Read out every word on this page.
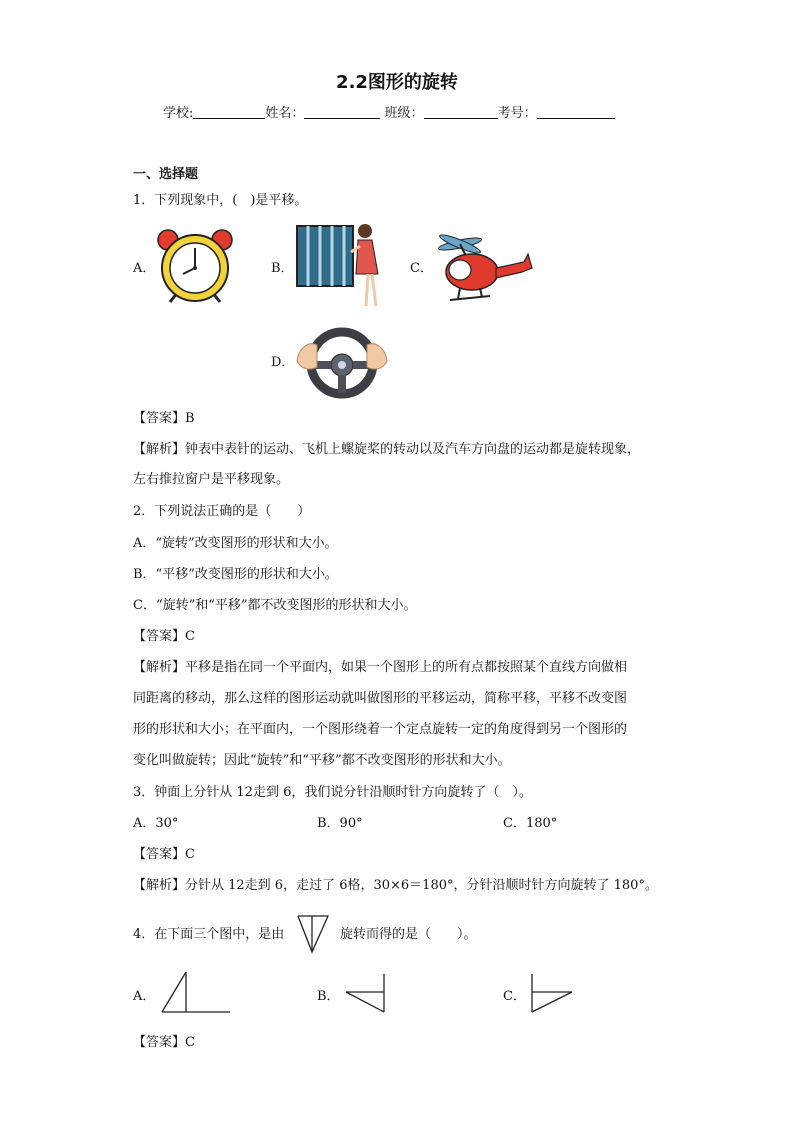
2.2图形的旋转
学校:	姓名：	班级：	考号：
一、选择题
1．下列现象中，(　)是平移。
A．	B．	C．
D．
【答案】B
【解析】钟表中表针的运动、飞机上螺旋桨的转动以及汽车方向盘的运动都是旋转现象，
左右推拉窗户是平移现象。
2．下列说法正确的是（　　）
A．“旋转”改变图形的形状和大小。
B．“平移”改变图形的形状和大小。
C．“旋转”和“平移”都不改变图形的形状和大小。
【答案】C
【解析】平移是指在同一个平面内，如果一个图形上的所有点都按照某个直线方向做相
同距离的移动，那么这样的图形运动就叫做图形的平移运动，简称平移，平移不改变图
形的形状和大小；在平面内，一个图形绕着一个定点旋转一定的角度得到另一个图形的
变化叫做旋转；因此“旋转”和“平移”都不改变图形的形状和大小。
3．钟面上分针从 12走到 6，我们说分针沿顺时针方向旋转了（　）。
A．30°	B．90°	C．180°
【答案】C
【解析】分针从 12走到 6，走过了 6格，30×6＝180°，分针沿顺时针方向旋转了 180°。
4．在下面三个图中，是由	旋转而得的是（　　）。
A．	B．	C．
【答案】C
